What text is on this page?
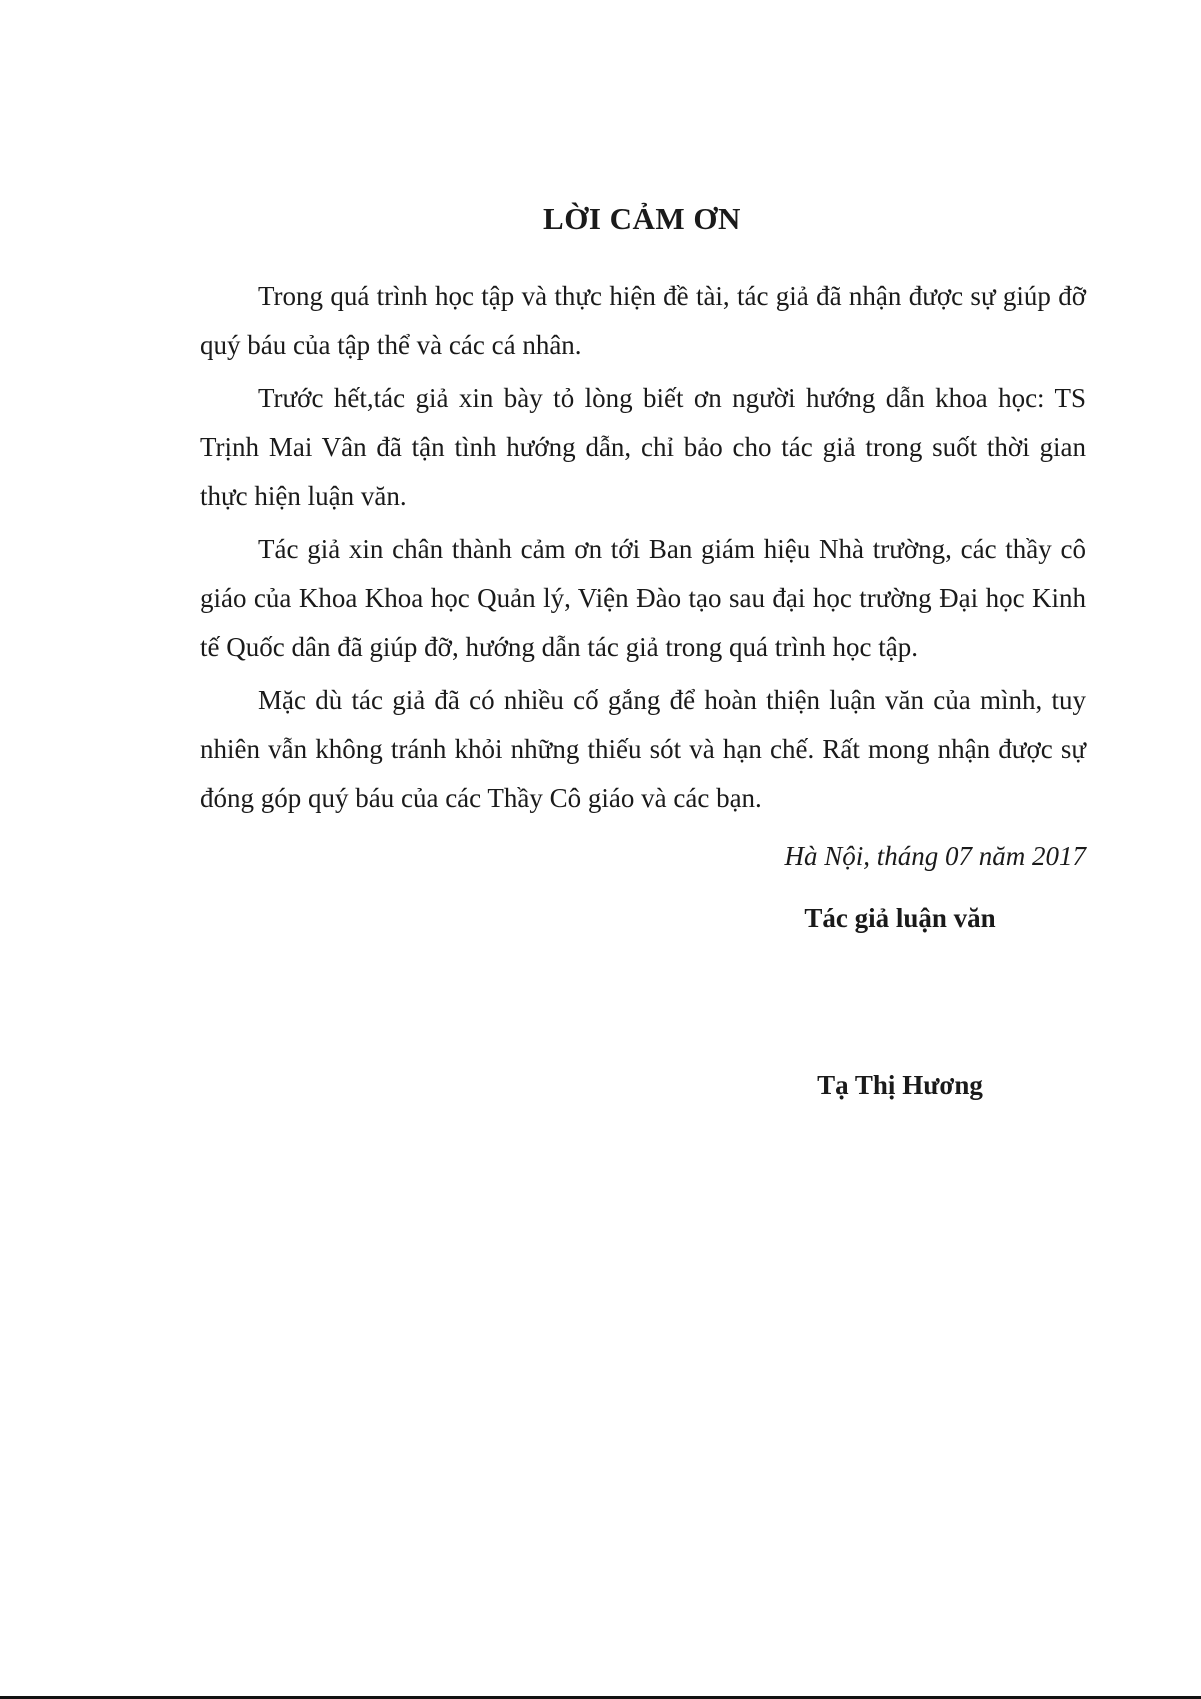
LỜI CẢM ƠN

Trong quá trình học tập và thực hiện đề tài, tác giả đã nhận được sự giúp đỡ quý báu của tập thể và các cá nhân.

Trước hết,tác giả xin bày tỏ lòng biết ơn người hướng dẫn khoa học: TS Trịnh Mai Vân đã tận tình hướng dẫn, chỉ bảo cho tác giả trong suốt thời gian thực hiện luận văn.

Tác giả xin chân thành cảm ơn tới Ban giám hiệu Nhà trường, các thầy cô giáo của Khoa Khoa học Quản lý, Viện Đào tạo sau đại học trường Đại học Kinh tế Quốc dân đã giúp đỡ, hướng dẫn tác giả trong quá trình học tập.

Mặc dù tác giả đã có nhiều cố gắng để hoàn thiện luận văn của mình, tuy nhiên vẫn không tránh khỏi những thiếu sót và hạn chế. Rất mong nhận được sự đóng góp quý báu của các Thầy Cô giáo và các bạn.

Hà Nội, tháng 07 năm 2017
Tác giả luận văn
Tạ Thị Hương
